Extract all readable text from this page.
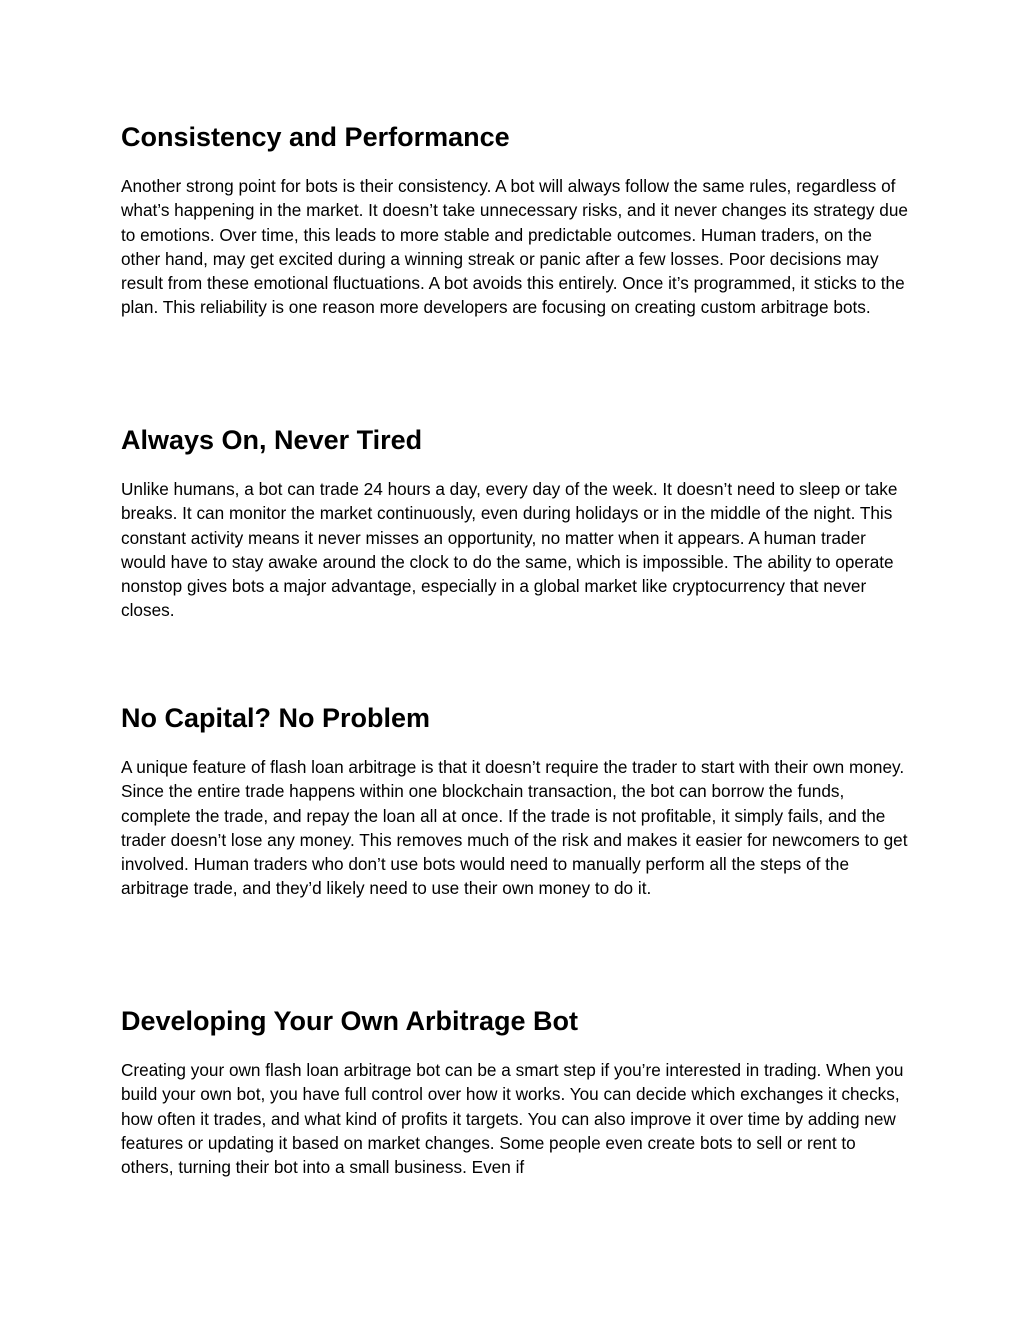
Consistency and Performance

Another strong point for bots is their consistency. A bot will always follow the same rules, regardless of what’s happening in the market. It doesn’t take unnecessary risks, and it never changes its strategy due to emotions. Over time, this leads to more stable and predictable outcomes. Human traders, on the other hand, may get excited during a winning streak or panic after a few losses. Poor decisions may result from these emotional fluctuations. A bot avoids this entirely. Once it’s programmed, it sticks to the plan. This reliability is one reason more developers are focusing on creating custom arbitrage bots.

Always On, Never Tired

Unlike humans, a bot can trade 24 hours a day, every day of the week. It doesn’t need to sleep or take breaks. It can monitor the market continuously, even during holidays or in the middle of the night. This constant activity means it never misses an opportunity, no matter when it appears. A human trader would have to stay awake around the clock to do the same, which is impossible. The ability to operate nonstop gives bots a major advantage, especially in a global market like cryptocurrency that never closes.

No Capital? No Problem

A unique feature of flash loan arbitrage is that it doesn’t require the trader to start with their own money. Since the entire trade happens within one blockchain transaction, the bot can borrow the funds, complete the trade, and repay the loan all at once. If the trade is not profitable, it simply fails, and the trader doesn’t lose any money. This removes much of the risk and makes it easier for newcomers to get involved. Human traders who don’t use bots would need to manually perform all the steps of the arbitrage trade, and they’d likely need to use their own money to do it.

Developing Your Own Arbitrage Bot

Creating your own flash loan arbitrage bot can be a smart step if you’re interested in trading. When you build your own bot, you have full control over how it works. You can decide which exchanges it checks, how often it trades, and what kind of profits it targets. You can also improve it over time by adding new features or updating it based on market changes. Some people even create bots to sell or rent to others, turning their bot into a small business. Even if
